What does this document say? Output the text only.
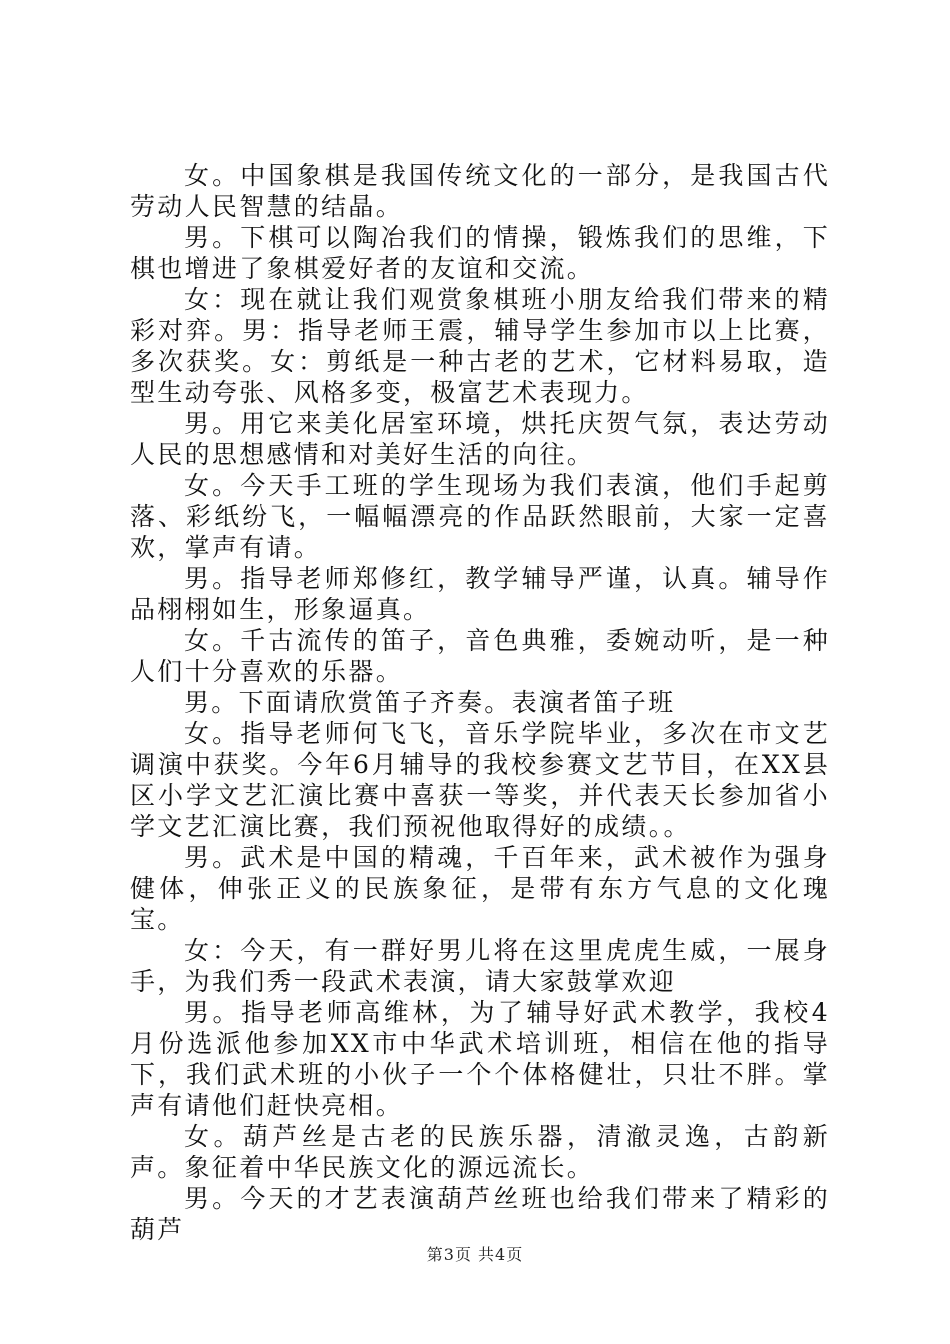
女。中国象棋是我国传统文化的一部分，是我国古代劳动人民智慧的结晶。

男。下棋可以陶冶我们的情操，锻炼我们的思维，下棋也增进了象棋爱好者的友谊和交流。

女：现在就让我们观赏象棋班小朋友给我们带来的精彩对弈。男：指导老师王震，辅导学生参加市以上比赛，多次获奖。女：剪纸是一种古老的艺术，它材料易取，造型生动夸张、风格多变，极富艺术表现力。

男。用它来美化居室环境，烘托庆贺气氛，表达劳动人民的思想感情和对美好生活的向往。

女。今天手工班的学生现场为我们表演，他们手起剪落、彩纸纷飞，一幅幅漂亮的作品跃然眼前，大家一定喜欢，掌声有请。

男。指导老师郑修红，教学辅导严谨，认真。辅导作品栩栩如生，形象逼真。

女。千古流传的笛子，音色典雅，委婉动听，是一种人们十分喜欢的乐器。

男。下面请欣赏笛子齐奏。表演者笛子班

女。指导老师何飞飞，音乐学院毕业，多次在市文艺调演中获奖。今年6月辅导的我校参赛文艺节目，在XX县区小学文艺汇演比赛中喜获一等奖，并代表天长参加省小学文艺汇演比赛，我们预祝他取得好的成绩。。

男。武术是中国的精魂，千百年来，武术被作为强身健体，伸张正义的民族象征，是带有东方气息的文化瑰宝。

女：今天，有一群好男儿将在这里虎虎生威，一展身手，为我们秀一段武术表演，请大家鼓掌欢迎

男。指导老师高维林，为了辅导好武术教学，我校4月份选派他参加XX市中华武术培训班，相信在他的指导下，我们武术班的小伙子一个个体格健壮，只壮不胖。掌声有请他们赶快亮相。

女。葫芦丝是古老的民族乐器，清澈灵逸，古韵新声。象征着中华民族文化的源远流长。

男。今天的才艺表演葫芦丝班也给我们带来了精彩的葫芦

第3页 共4页
